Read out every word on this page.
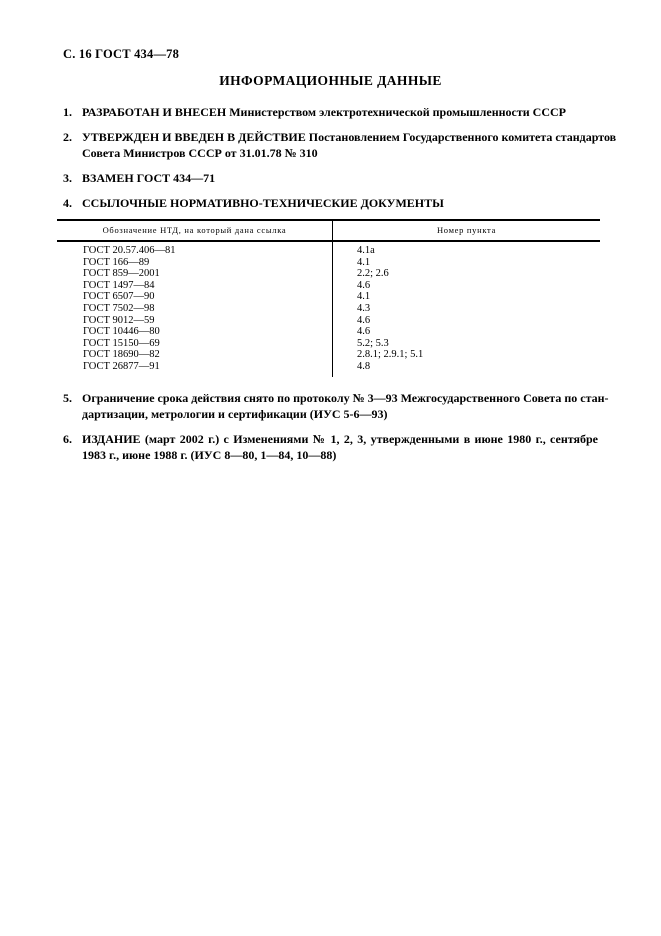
С. 16 ГОСТ 434—78
ИНФОРМАЦИОННЫЕ ДАННЫЕ
1. РАЗРАБОТАН И ВНЕСЕН Министерством электротехнической промышленности СССР
2. УТВЕРЖДЕН И ВВЕДЕН В ДЕЙСТВИЕ Постановлением Государственного комитета стандартов
Совета Министров СССР от 31.01.78 № 310
3. ВЗАМЕН ГОСТ 434—71
4. ССЫЛОЧНЫЕ НОРМАТИВНО-ТЕХНИЧЕСКИЕ ДОКУМЕНТЫ
Обозначение НТД, на который дана ссылка	Номер пункта
ГОСТ 20.57.406—81	4.1а
ГОСТ 166—89	4.1
ГОСТ 859—2001	2.2; 2.6
ГОСТ 1497—84	4.6
ГОСТ 6507—90	4.1
ГОСТ 7502—98	4.3
ГОСТ 9012—59	4.6
ГОСТ 10446—80	4.6
ГОСТ 15150—69	5.2; 5.3
ГОСТ 18690—82	2.8.1; 2.9.1; 5.1
ГОСТ 26877—91	4.8
5. Ограничение срока действия снято по протоколу № 3—93 Межгосударственного Совета по стан-
дартизации, метрологии и сертификации (ИУС 5-6—93)
6. ИЗДАНИЕ (март 2002 г.) с Изменениями № 1, 2, 3, утвержденными в июне 1980 г., сентябре
1983 г., июне 1988 г. (ИУС 8—80, 1—84, 10—88)
